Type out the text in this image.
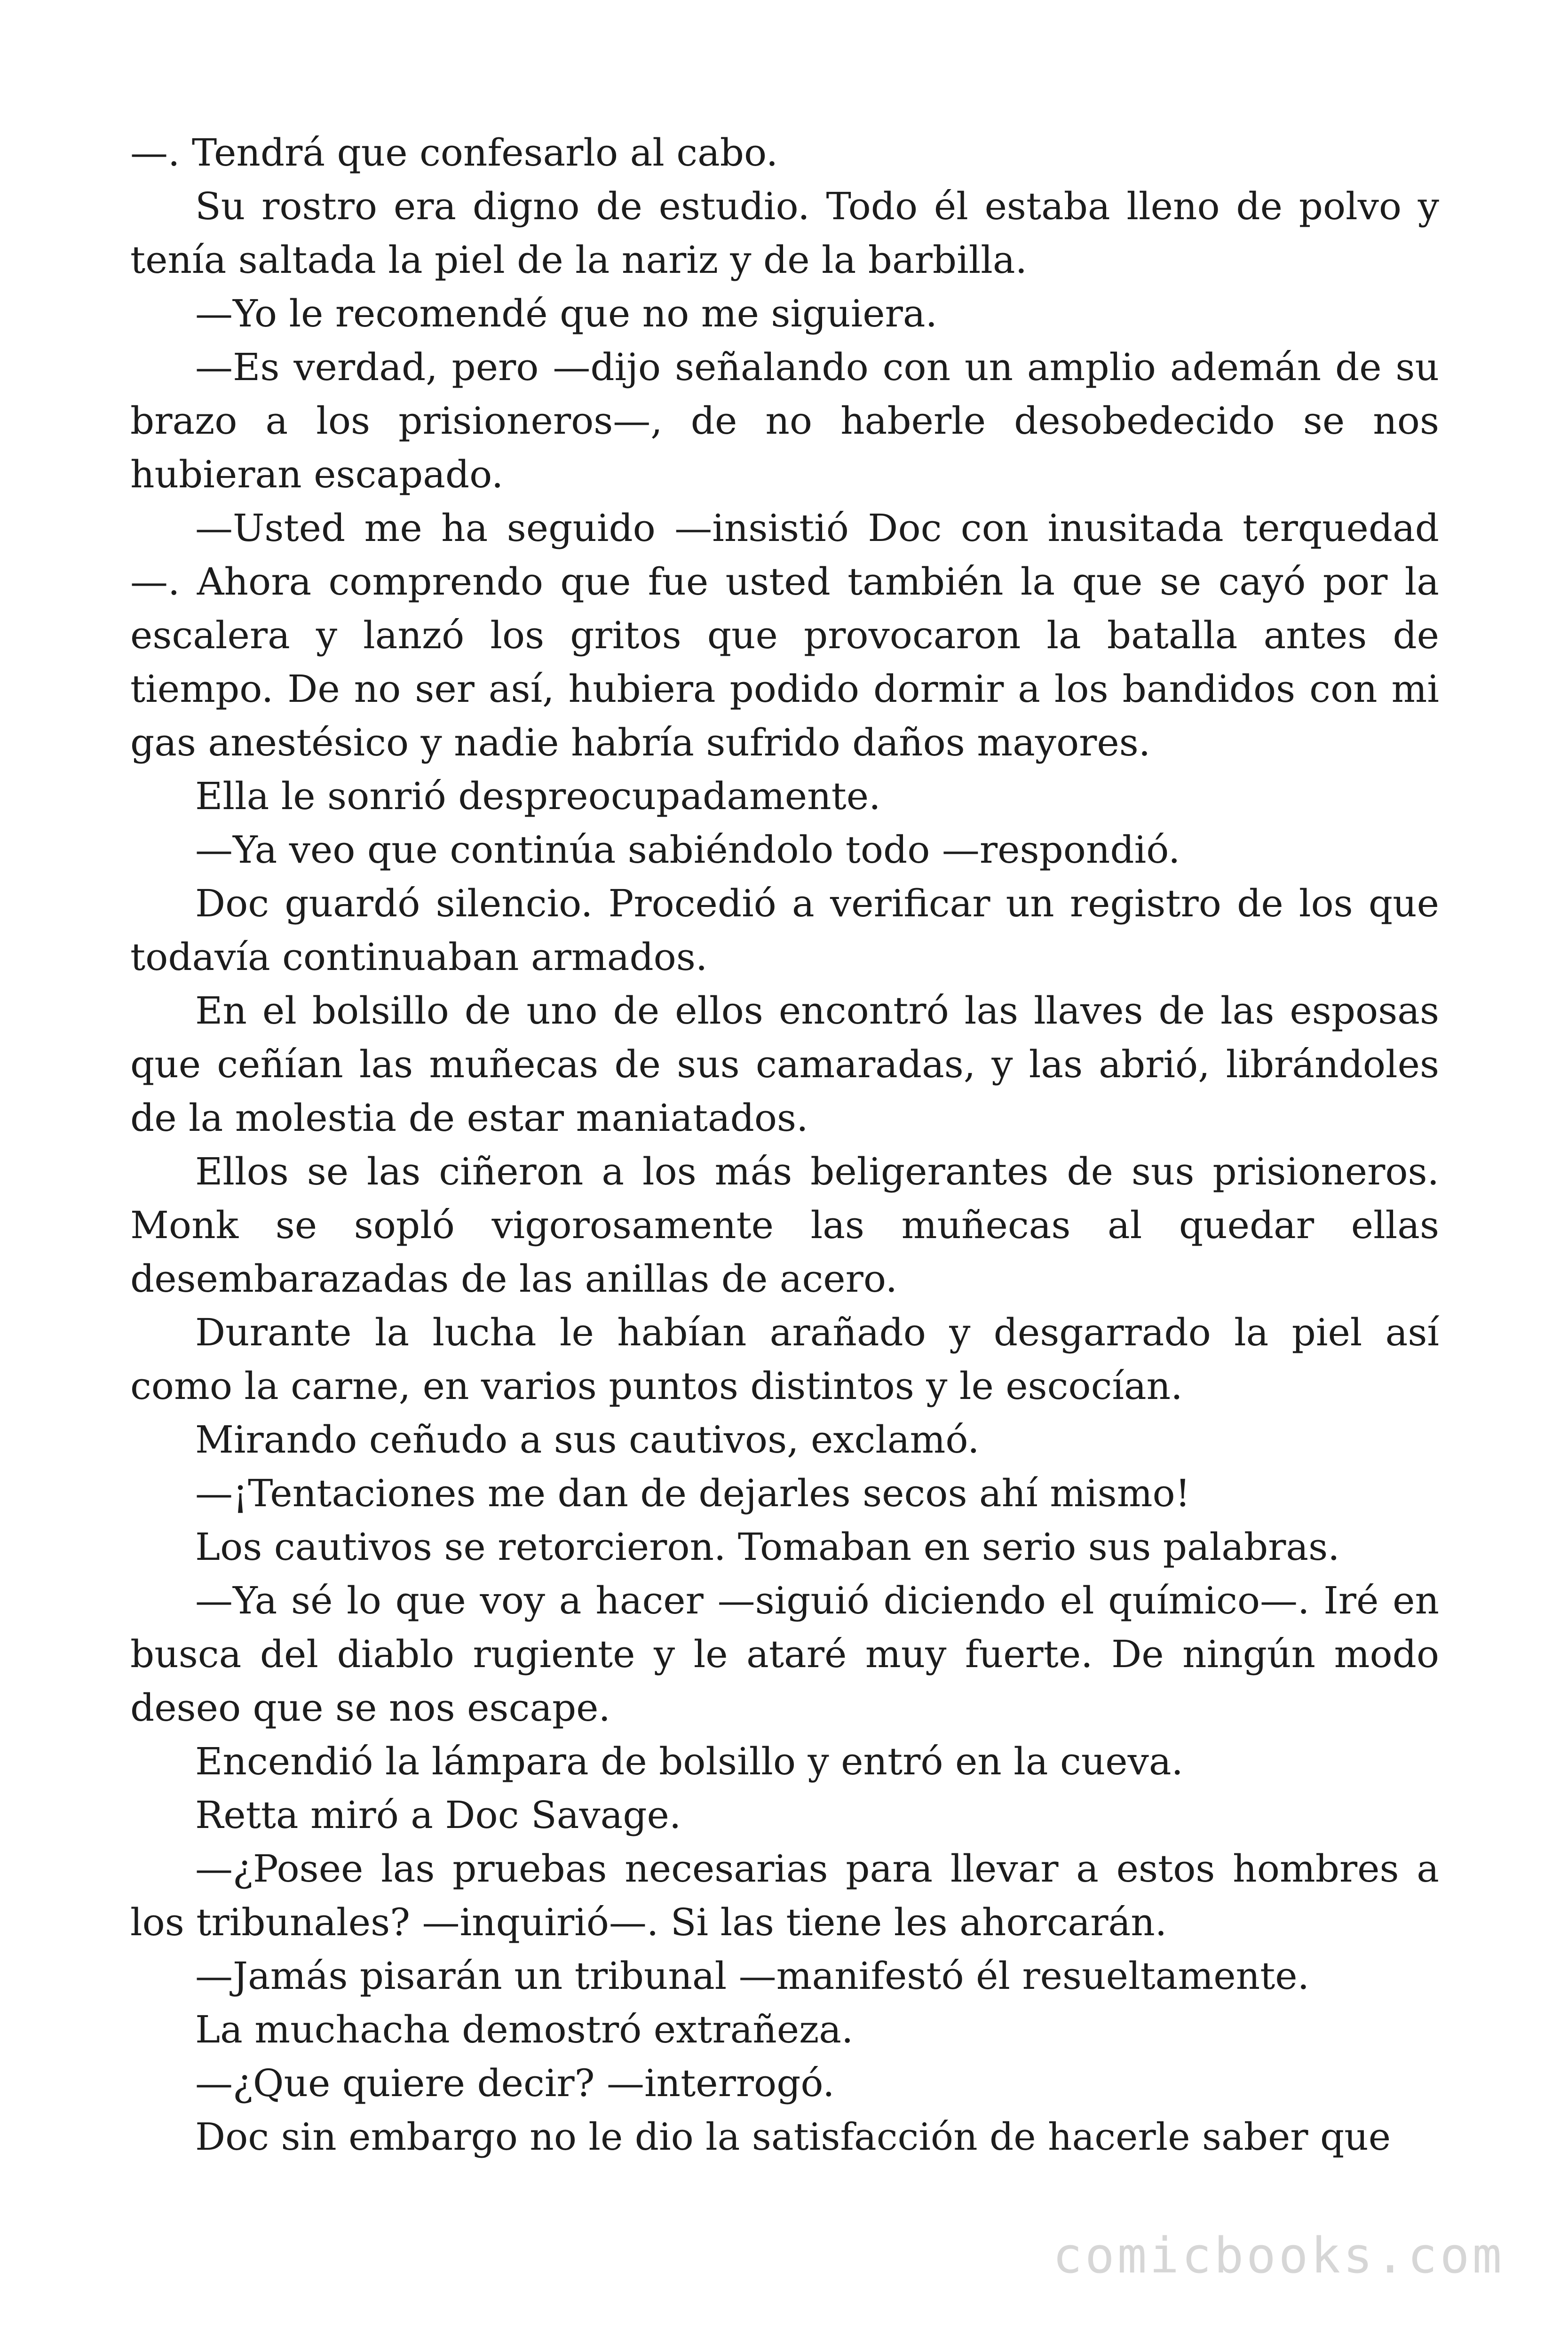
—. Tendrá que confesarlo al cabo.

Su rostro era digno de estudio. Todo él estaba lleno de polvo y tenía saltada la piel de la nariz y de la barbilla.

—Yo le recomendé que no me siguiera.

—Es verdad, pero —dijo señalando con un amplio ademán de su brazo a los prisioneros—, de no haberle desobedecido se nos hubieran escapado.

—Usted me ha seguido —insistió Doc con inusitada terquedad —. Ahora comprendo que fue usted también la que se cayó por la escalera y lanzó los gritos que provocaron la batalla antes de tiempo. De no ser así, hubiera podido dormir a los bandidos con mi gas anestésico y nadie habría sufrido daños mayores.

Ella le sonrió despreocupadamente.

—Ya veo que continúa sabiéndolo todo —respondió.

Doc guardó silencio. Procedió a verificar un registro de los que todavía continuaban armados.

En el bolsillo de uno de ellos encontró las llaves de las esposas que ceñían las muñecas de sus camaradas, y las abrió, librándoles de la molestia de estar maniatados.

Ellos se las ciñeron a los más beligerantes de sus prisioneros. Monk se sopló vigorosamente las muñecas al quedar ellas desembarazadas de las anillas de acero.

Durante la lucha le habían arañado y desgarrado la piel así como la carne, en varios puntos distintos y le escocían.

Mirando ceñudo a sus cautivos, exclamó.

—¡Tentaciones me dan de dejarles secos ahí mismo!

Los cautivos se retorcieron. Tomaban en serio sus palabras.

—Ya sé lo que voy a hacer —siguió diciendo el químico—. Iré en busca del diablo rugiente y le ataré muy fuerte. De ningún modo deseo que se nos escape.

Encendió la lámpara de bolsillo y entró en la cueva.

Retta miró a Doc Savage.

—¿Posee las pruebas necesarias para llevar a estos hombres a los tribunales? —inquirió—. Si las tiene les ahorcarán.

—Jamás pisarán un tribunal —manifestó él resueltamente.

La muchacha demostró extrañeza.

—¿Que quiere decir? —interrogó.

Doc sin embargo no le dio la satisfacción de hacerle saber que

comicbooks.com
